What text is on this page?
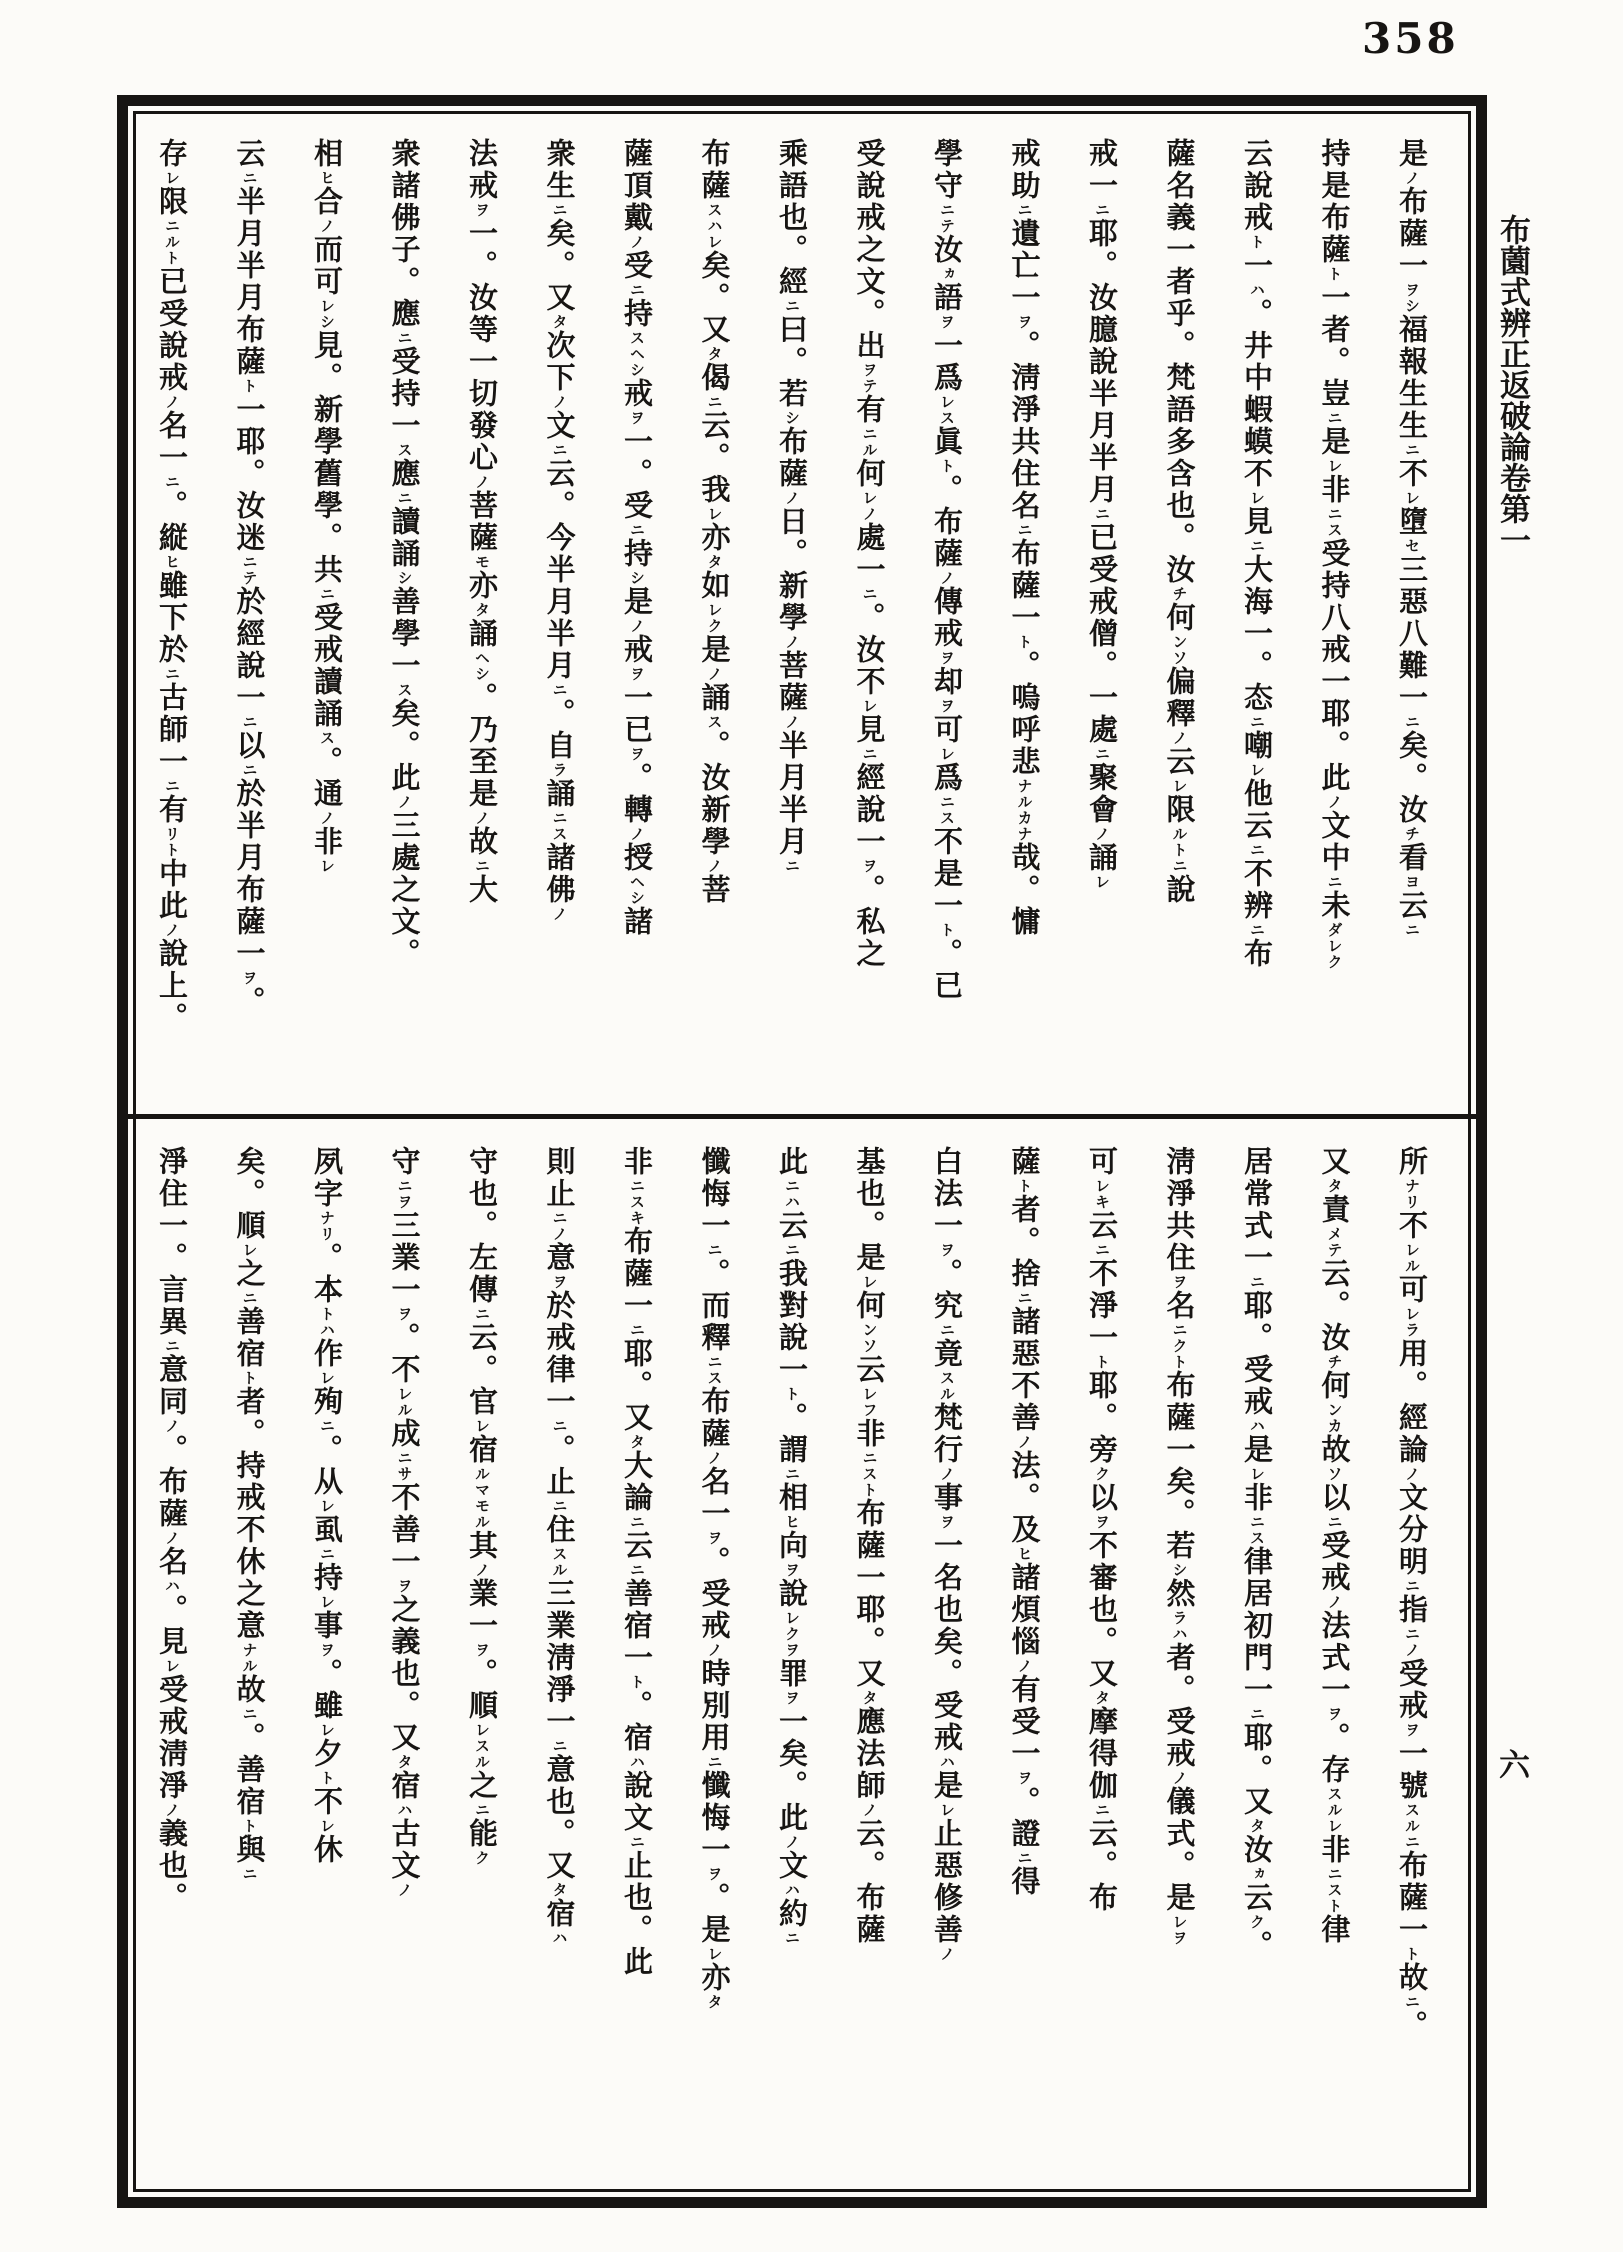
358
是ノ布薩一ヲシ福報生生ニ不レ墮セ三惡八難一ニ矣。汝チ看ヨ云ニ
持是布薩ト一者。豈ニ是レ非ニス受持八戒一耶。此ノ文中ニ未ダレク
云說戒ト一ハ。井中蝦蟆不レ見ニ大海一。态ニ嘲レ他云ニ不辨ニ布
薩名義一者乎。梵語多含也。汝チ何ンソ偏釋ノ云レ限ルトニ說
戒一ニ耶。汝臆說半月半月ニ已受戒僧。一處ニ聚會ノ誦レ
戒助ニ遺亡一ヲ。淸淨共住名ニ布薩一ト。嗚呼悲ナルカナ哉。慵
學守ニテ汝ヵ語ヲ一爲レス眞ト。布薩ノ傳戒ヲ却ヲ可レ爲ニス不是一ト。已
受說戒之文。出ヲテ有ニル何レノ處一ニ。汝不レ見ニ經說一ヲ。私之
乘語也。經ニ曰。若シ布薩ノ日。新學ノ菩薩ノ半月半月ニ
布薩スハレ矣。又タ偈ニ云。我レ亦タ如レク是ノ誦ス。汝新學ノ菩
薩頂戴ノ受ニ持スヘシ戒ヲ一。受ニ持シ是ノ戒ヲ一已ヲ。轉ノ授ヘシ諸
衆生ニ矣。又タ次下ノ文ニ云。今半月半月ニ。自ラ誦ニス諸佛ノ
法戒ヲ一。汝等一切發心ノ菩薩モ亦タ誦ヘシ。乃至是ノ故ニ大
衆諸佛子。應ニ受持一ス應ニ讀誦シ善學一ス矣。此ノ三處之文。
相ヒ合ノ而可レシ見。新學舊學。共ニ受戒讀誦ス。通ノ非レ
云ニ半月半月布薩ト一耶。汝迷ニテ於經說一ニ以ニ於半月布薩一ヲ。
存レ限ニルト已受說戒ノ名一ニ。縦ヒ雖下於ニ古師一ニ有リト中此ノ說上。
所ナリ不レル可レラ用。經論ノ文分明ニ指ニノ受戒ヲ一號スルニ布薩一ト故ニ。
又タ責メテ云。汝チ何ンカ故ソ以ニ受戒ノ法式一ヲ。存スルレ非ニスト律
居常式一ニ耶。受戒ハ是レ非ニス律居初門一ニ耶。又タ汝ヵ云ク。
淸淨共住ヲ名ニクト布薩一矣。若シ然ラハ者。受戒ノ儀式。是レヲ
可レキ云ニ不淨一ト耶。旁ク以ヲ不審也。又タ摩得伽ニ云。布
薩ト者。捨ニ諸惡不善ノ法。及ヒ諸煩惱ノ有受一ヲ。證ニ得
白法一ヲ。究ニ竟スル梵行ノ事ヲ一名也矣。受戒ハ是レ止惡修善ノ
基也。是レ何ンソ云レフ非ニスト布薩一耶。又タ應法師ノ云。布薩
此ニハ云ニ我對說一ト。謂ニ相ヒ向ヲ說レクヲ罪ヲ一矣。此ノ文ハ約ニ
懺悔一ニ。而釋ニス布薩ノ名一ヲ。受戒ノ時別用ニ懺悔一ヲ。是レ亦タ
非ニスキ布薩一ニ耶。又タ大論ニ云ニ善宿一ト。宿ハ說文ニ止也。此
則止ニノ意ヲ於戒律一ニ。止ニ住スル三業淸淨一ニ意也。又タ宿ハ
守也。左傳ニ云。官レ宿ルマモル其ノ業一ヲ。順レスル之ニ能ク
守ニヲ三業一ヲ。不レル成ニサ不善一ヲ之義也。又タ宿ハ古文ノ
夙字ナリ。本トハ作レ殉ニ。从レ虱ニ持レ事ヲ。雖レ夕ト不レ休
矣。順レ之ニ善宿ト者。持戒不休之意ナル故ニ。善宿ト與ニ
淨住一。言異ニ意同ノ。布薩ノ名ハ。見レ受戒淸淨ノ義也。
布薗式辨正返破論卷第一
六
